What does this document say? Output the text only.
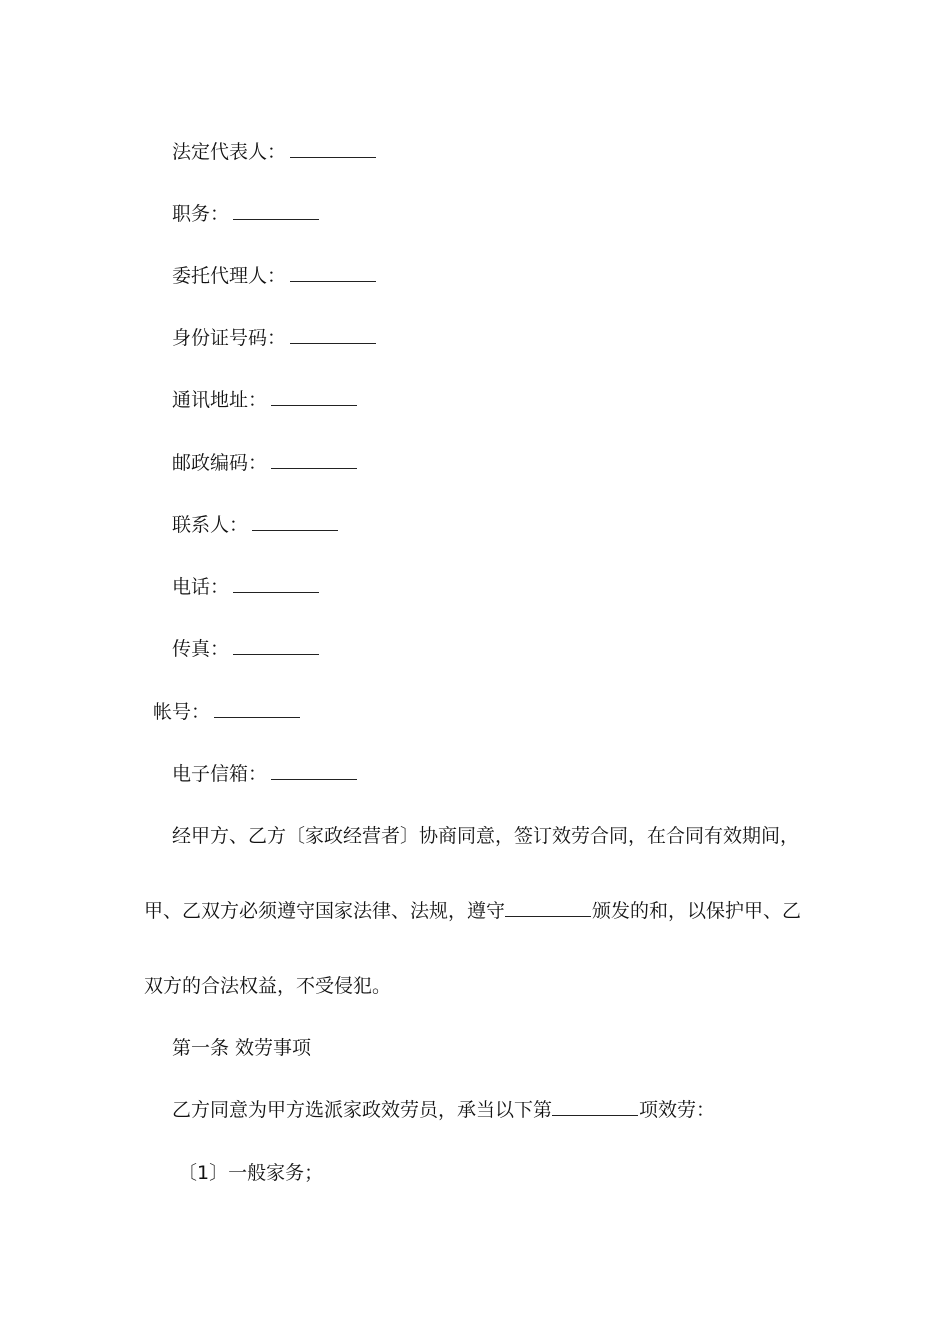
法定代表人：
职务：
委托代理人：
身份证号码：
通讯地址：
邮政编码：
联系人：
电话：
传真：
帐号：
电子信箱：
经甲方、乙方〔家政经营者〕协商同意，签订效劳合同，在合同有效期间，
甲、乙双方必须遵守国家法律、法规，遵守	颁发的和，以保护甲、乙
双方的合法权益，不受侵犯。
第一条 效劳事项
乙方同意为甲方选派家政效劳员，承当以下第	项效劳：
〔1〕一般家务；
